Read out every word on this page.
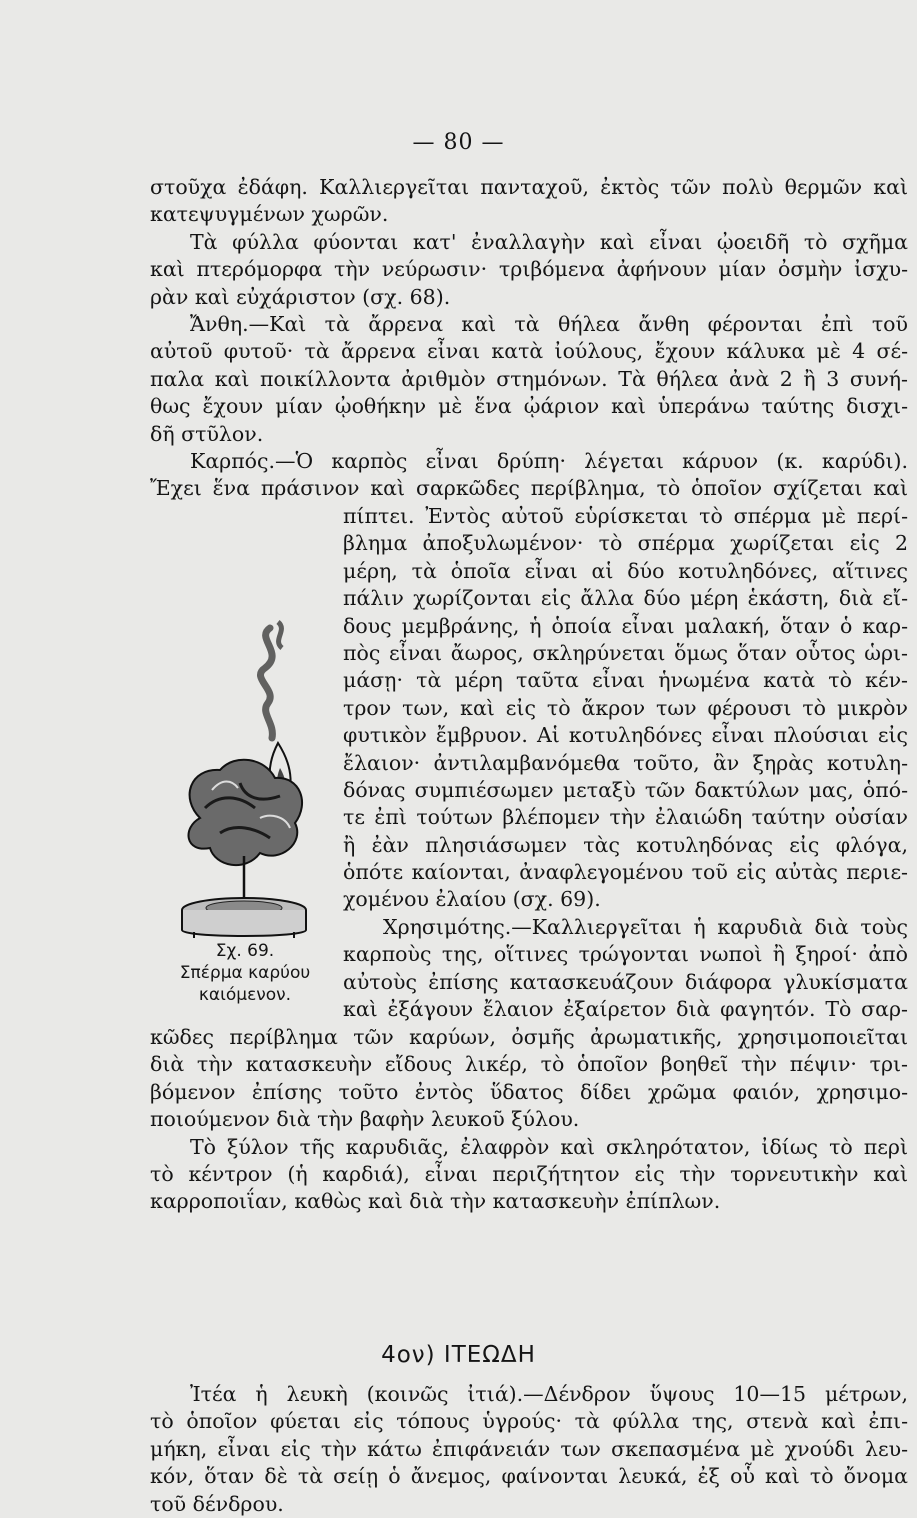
— 80 —
στοῦχα ἐδάφη. Καλλιεργεῖται πανταχοῦ, ἐκτὸς τῶν πολὺ θερμῶν καὶ
κατεψυγμένων χωρῶν.
Τὰ φύλλα φύονται κατ' ἐναλλαγὴν καὶ εἶναι ᾠοειδῆ τὸ σχῆμα
καὶ πτερόμορφα τὴν νεύρωσιν· τριβόμενα ἀφήνουν μίαν ὀσμὴν ἰσχυ-
ρὰν καὶ εὐχάριστον (σχ. 68).
Ἄνθη.—Καὶ τὰ ἄρρενα καὶ τὰ θήλεα ἄνθη φέρονται ἐπὶ τοῦ
αὐτοῦ φυτοῦ· τὰ ἄρρενα εἶναι κατὰ ἰούλους, ἔχουν κάλυκα μὲ 4 σέ-
παλα καὶ ποικίλλοντα ἀριθμὸν στημόνων. Τὰ θήλεα ἀνὰ 2 ἢ 3 συνή-
θως ἔχουν μίαν ᾠοθήκην μὲ ἕνα ᾠάριον καὶ ὑπεράνω ταύτης δισχι-
δῆ στῦλον.
Καρπός.—Ὁ καρπὸς εἶναι δρύπη· λέγεται κάρυον (κ. καρύδι).
Ἔχει ἕνα πράσινον καὶ σαρκῶδες περίβλημα, τὸ ὁποῖον σχίζεται καὶ
Σχ. 69.
Σπέρμα καρύου
καιόμενον.
πίπτει. Ἐντὸς αὐτοῦ εὑρίσκεται τὸ σπέρμα μὲ περί-
βλημα ἀποξυλωμένον· τὸ σπέρμα χωρίζεται εἰς 2
μέρη, τὰ ὁποῖα εἶναι αἱ δύο κοτυληδόνες, αἵτινες
πάλιν χωρίζονται εἰς ἄλλα δύο μέρη ἑκάστη, διὰ εἴ-
δους μεμβράνης, ἡ ὁποία εἶναι μαλακή, ὅταν ὁ καρ-
πὸς εἶναι ἄωρος, σκληρύνεται ὅμως ὅταν οὗτος ὡρι-
μάσῃ· τὰ μέρη ταῦτα εἶναι ἡνωμένα κατὰ τὸ κέν-
τρον των, καὶ εἰς τὸ ἄκρον των φέρουσι τὸ μικρὸν
φυτικὸν ἔμβρυον. Αἱ κοτυληδόνες εἶναι πλούσιαι εἰς
ἔλαιον· ἀντιλαμβανόμεθα τοῦτο, ἂν ξηρὰς κοτυλη-
δόνας συμπιέσωμεν μεταξὺ τῶν δακτύλων μας, ὁπό-
τε ἐπὶ τούτων βλέπομεν τὴν ἐλαιώδη ταύτην οὐσίαν
ἢ ἐὰν πλησιάσωμεν τὰς κοτυληδόνας εἰς φλόγα,
ὁπότε καίονται, ἀναφλεγομένου τοῦ εἰς αὐτὰς περιε-
χομένου ἐλαίου (σχ. 69).
Χρησιμότης.—Καλλιεργεῖται ἡ καρυδιὰ διὰ τοὺς
καρποὺς της, οἵτινες τρώγονται νωποὶ ἢ ξηροί· ἀπὸ
αὐτοὺς ἐπίσης κατασκευάζουν διάφορα γλυκίσματα
καὶ ἐξάγουν ἔλαιον ἐξαίρετον διὰ φαγητόν. Τὸ σαρ-
κῶδες περίβλημα τῶν καρύων, ὀσμῆς ἀρωματικῆς, χρησιμοποιεῖται
διὰ τὴν κατασκευὴν εἴδους λικέρ, τὸ ὁποῖον βοηθεῖ τὴν πέψιν· τρι-
βόμενον ἐπίσης τοῦτο ἐντὸς ὕδατος δίδει χρῶμα φαιόν, χρησιμο-
ποιούμενον διὰ τὴν βαφὴν λευκοῦ ξύλου.
Τὸ ξύλον τῆς καρυδιᾶς, ἐλαφρὸν καὶ σκληρότατον, ἰδίως τὸ περὶ
τὸ κέντρον (ἡ καρδιά), εἶναι περιζήτητον εἰς τὴν τορνευτικὴν καὶ
καρροποιΐαν, καθὼς καὶ διὰ τὴν κατασκευὴν ἐπίπλων.
4ον) ΙΤΕΩΔΗ
Ἰτέα ἡ λευκὴ (κοινῶς ἰτιά).—Δένδρον ὕψους 10—15 μέτρων,
τὸ ὁποῖον φύεται εἰς τόπους ὑγρούς· τὰ φύλλα της, στενὰ καὶ ἐπι-
μήκη, εἶναι εἰς τὴν κάτω ἐπιφάνειάν των σκεπασμένα μὲ χνούδι λευ-
κόν, ὅταν δὲ τὰ σείῃ ὁ ἄνεμος, φαίνονται λευκά, ἐξ οὗ καὶ τὸ ὄνομα
τοῦ δένδρου.
